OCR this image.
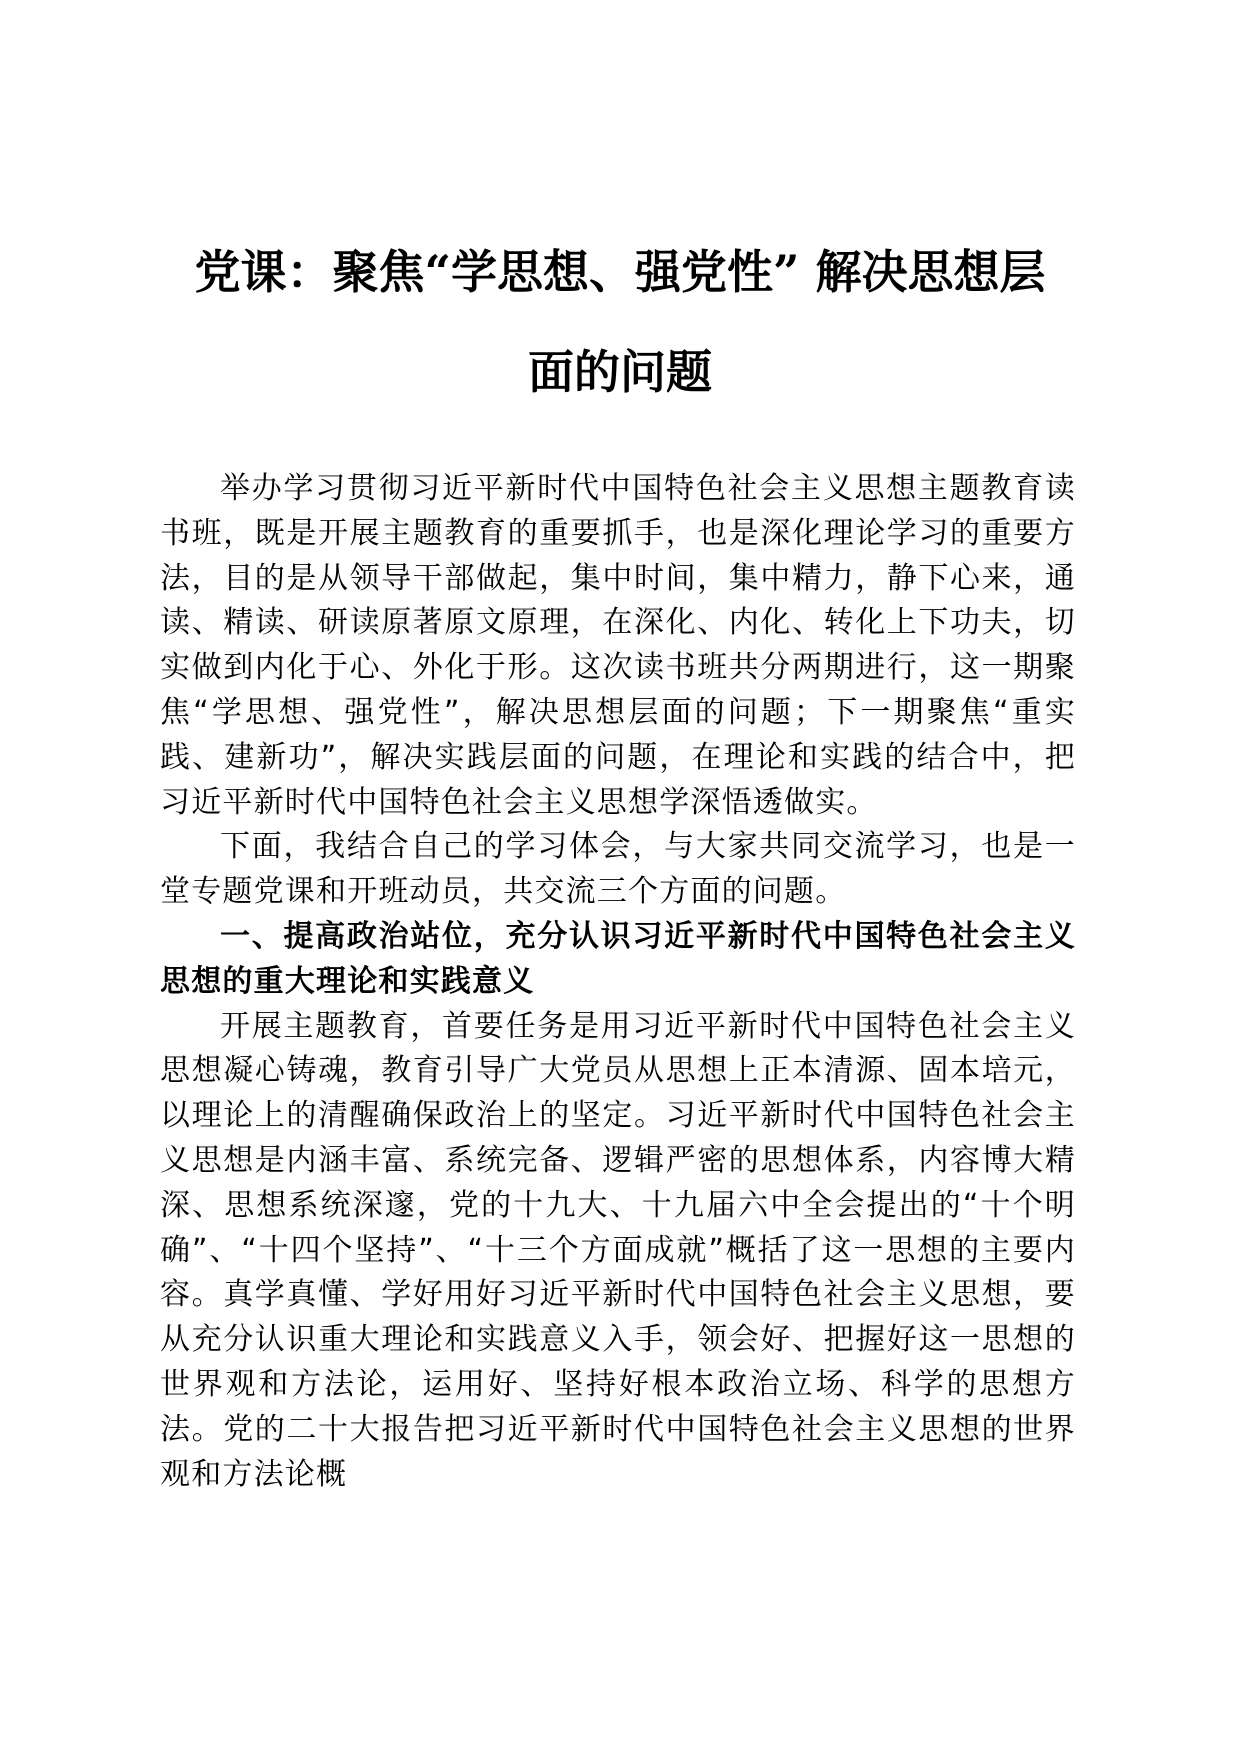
党课：聚焦“学思想、强党性” 解决思想层
面的问题

举办学习贯彻习近平新时代中国特色社会主义思想主题教育读书班，既是开展主题教育的重要抓手，也是深化理论学习的重要方法，目的是从领导干部做起，集中时间，集中精力，静下心来，通读、精读、研读原著原文原理，在深化、内化、转化上下功夫，切实做到内化于心、外化于形。这次读书班共分两期进行，这一期聚焦“学思想、强党性”，解决思想层面的问题；下一期聚焦“重实践、建新功”，解决实践层面的问题，在理论和实践的结合中，把习近平新时代中国特色社会主义思想学深悟透做实。

下面，我结合自己的学习体会，与大家共同交流学习，也是一堂专题党课和开班动员，共交流三个方面的问题。

一、提高政治站位，充分认识习近平新时代中国特色社会主义思想的重大理论和实践意义

开展主题教育，首要任务是用习近平新时代中国特色社会主义思想凝心铸魂，教育引导广大党员从思想上正本清源、固本培元，以理论上的清醒确保政治上的坚定。习近平新时代中国特色社会主义思想是内涵丰富、系统完备、逻辑严密的思想体系，内容博大精深、思想系统深邃，党的十九大、十九届六中全会提出的“十个明确”、“十四个坚持”、“十三个方面成就”概括了这一思想的主要内容。真学真懂、学好用好习近平新时代中国特色社会主义思想，要从充分认识重大理论和实践意义入手，领会好、把握好这一思想的世界观和方法论，运用好、坚持好根本政治立场、科学的思想方法。党的二十大报告把习近平新时代中国特色社会主义思想的世界观和方法论概
